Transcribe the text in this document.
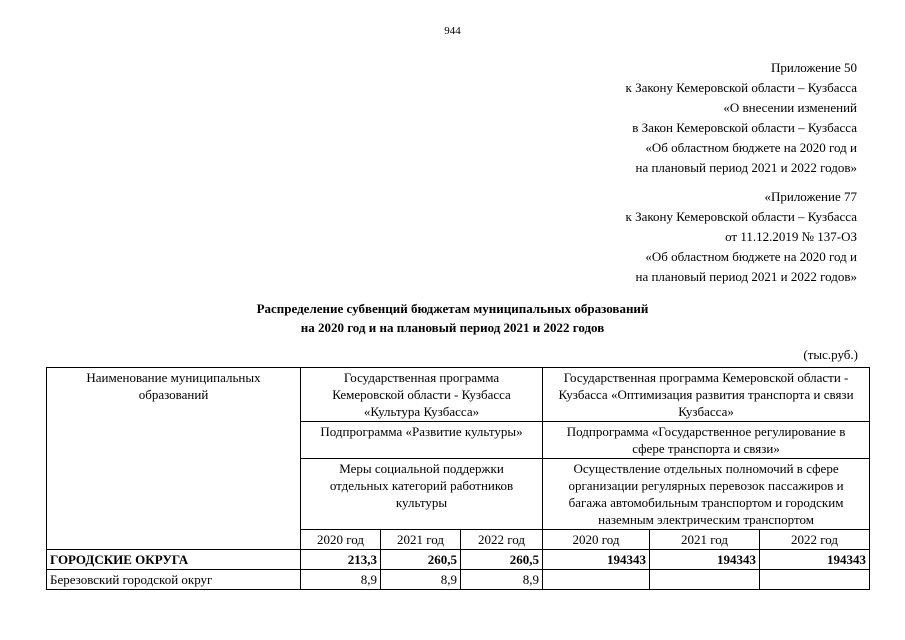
944
Приложение 50
к Закону Кемеровской области – Кузбасса
«О внесении изменений
в Закон Кемеровской области – Кузбасса
«Об областном бюджете на 2020 год и
на плановый период 2021 и 2022 годов»
«Приложение 77
к Закону Кемеровской области – Кузбасса
от 11.12.2019 № 137-ОЗ
«Об областном бюджете на 2020 год и
на плановый период 2021 и 2022 годов»
Распределение субвенций бюджетам муниципальных образований
на 2020 год и на плановый период 2021 и 2022 годов
(тыс.руб.)
Наименование муниципальных образований	Государственная программа Кемеровской области - Кузбасса «Культура Кузбасса»			Государственная программа Кемеровской области - Кузбасса «Оптимизация развития транспорта и связи Кузбасса»		
	Подпрограмма «Развитие культуры»			Подпрограмма «Государственное регулирование в сфере транспорта и связи»		
	Меры социальной поддержки отдельных категорий работников культуры			Осуществление отдельных полномочий в сфере организации регулярных перевозок пассажиров и багажа автомобильным транспортом и городским наземным электрическим транспортом		
	2020 год	2021 год	2022 год	2020 год	2021 год	2022 год
ГОРОДСКИЕ ОКРУГА	213,3	260,5	260,5	194343	194343	194343
Березовский городской округ	8,9	8,9	8,9			
